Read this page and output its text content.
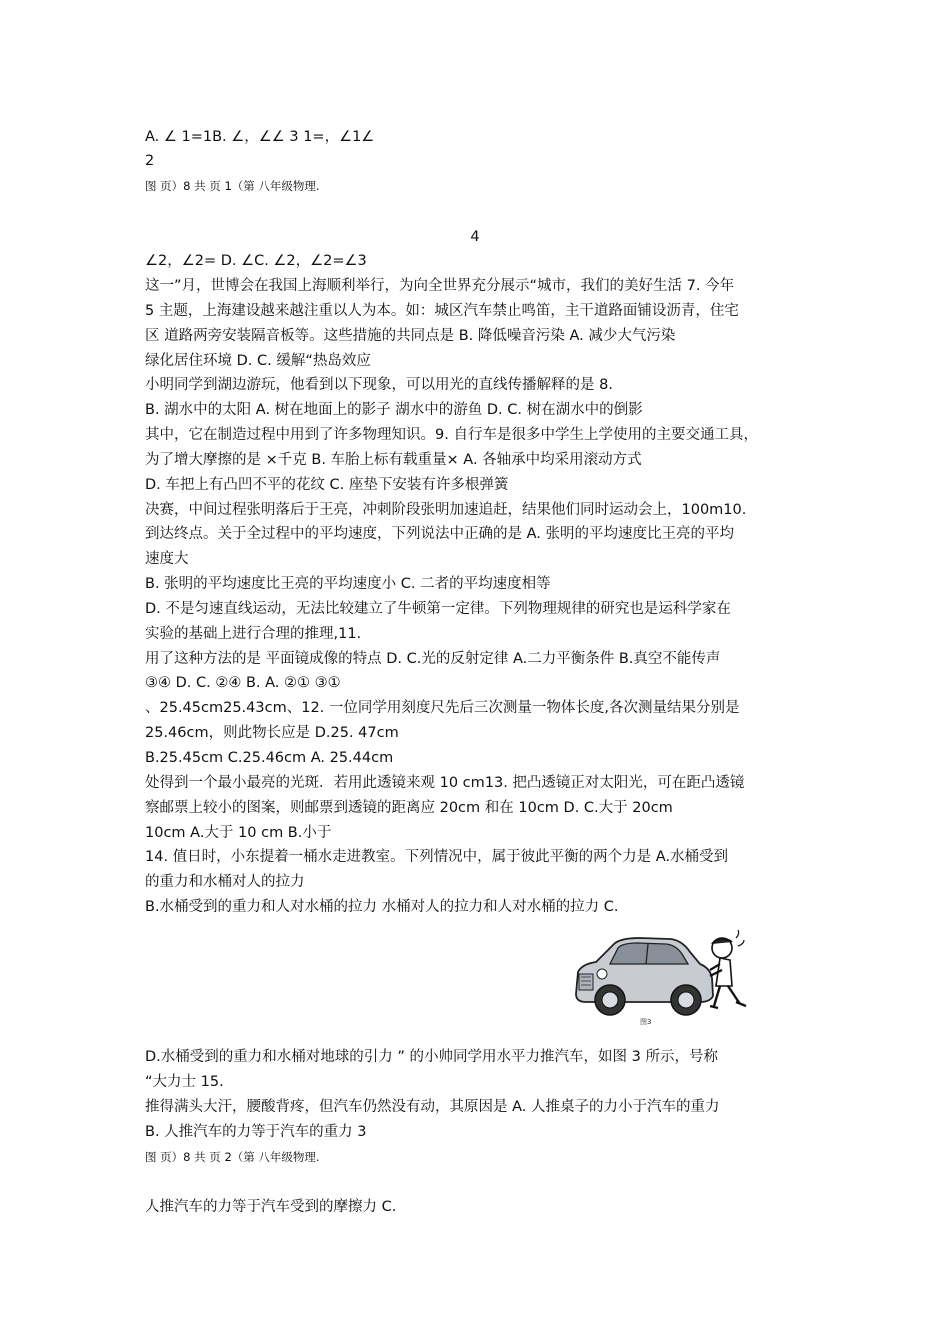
A. ∠ 1=1B. ∠，∠∠ 3 1=，∠1∠
2
图 页）8 共 页 1（第 八年级物理.
4
∠2，∠2= D. ∠C. ∠2，∠2=∠3
这一”月，世博会在我国上海顺利举行，为向全世界充分展示“城市，我们的美好生活 7. 今年
5 主题，上海建设越来越注重以人为本。如：城区汽车禁止鸣笛，主干道路面铺设沥青，住宅
区 道路两旁安装隔音板等。这些措施的共同点是 B. 降低噪音污染 A. 减少大气污染
绿化居住环境 D. C. 缓解“热岛效应
小明同学到湖边游玩，他看到以下现象，可以用光的直线传播解释的是 8.
B. 湖水中的太阳 A. 树在地面上的影子 湖水中的游鱼 D. C. 树在湖水中的倒影
其中，它在制造过程中用到了许多物理知识。9. 自行车是很多中学生上学使用的主要交通工具，
为了增大摩擦的是 ×千克 B. 车胎上标有载重量× A. 各轴承中均采用滚动方式
D. 车把上有凸凹不平的花纹 C. 座垫下安装有许多根弹簧
决赛，中间过程张明落后于王亮，冲刺阶段张明加速追赶，结果他们同时运动会上，100m10.
到达终点。关于全过程中的平均速度，下列说法中正确的是 A. 张明的平均速度比王亮的平均
速度大
B. 张明的平均速度比王亮的平均速度小 C. 二者的平均速度相等
D. 不是匀速直线运动，无法比较建立了牛顿第一定律。下列物理规律的研究也是运科学家在
实验的基础上进行合理的推理,11.
用了这种方法的是 平面镜成像的特点 D. C.光的反射定律 A.二力平衡条件 B.真空不能传声
③④ D. C. ②④ B. A. ②① ③①
、25.45cm25.43cm、12. 一位同学用刻度尺先后三次测量一物体长度,各次测量结果分别是
25.46cm，则此物长应是 D.25. 47cm
B.25.45cm C.25.46cm A. 25.44cm
处得到一个最小最亮的光斑．若用此透镜来观 10 cm13. 把凸透镜正对太阳光，可在距凸透镜
察邮票上较小的图案，则邮票到透镜的距离应 20cm 和在 10cm D. C.大于 20cm
10cm A.大于 10 cm B.小于
14. 值日时，小东提着一桶水走进教室。下列情况中，属于彼此平衡的两个力是 A.水桶受到
的重力和水桶对人的拉力
B.水桶受到的重力和人对水桶的拉力 水桶对人的拉力和人对水桶的拉力 C.
图3
D.水桶受到的重力和水桶对地球的引力 ” 的小帅同学用水平力推汽车，如图 3 所示，号称
“大力士 15.
推得满头大汗，腰酸背疼，但汽车仍然没有动，其原因是 A. 人推桌子的力小于汽车的重力
B. 人推汽车的力等于汽车的重力 3
图 页）8 共 页 2（第 八年级物理.
人推汽车的力等于汽车受到的摩擦力 C.
